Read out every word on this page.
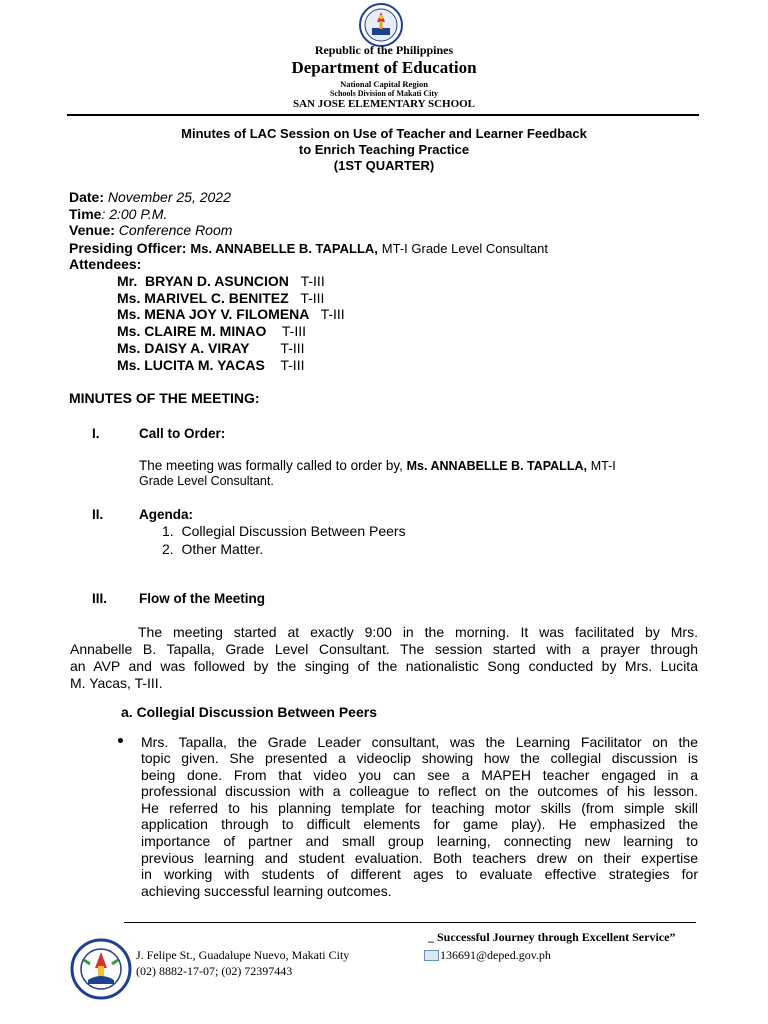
Republic of the Philippines
Department of Education
National Capital Region
Schools Division of Makati City
SAN JOSE ELEMENTARY SCHOOL
Minutes of LAC Session on Use of Teacher and Learner Feedback
to Enrich Teaching Practice
(1ST QUARTER)
Date: November 25, 2022
Time: 2:00 P.M.
Venue: Conference Room
Presiding Officer: Ms. ANNABELLE B. TAPALLA, MT-I Grade Level Consultant
Attendees:
Mr.  BRYAN D. ASUNCION   T-III
Ms. MARIVEL C. BENITEZ   T-III
Ms. MENA JOY V. FILOMENA   T-III
Ms. CLAIRE M. MINAO    T-III
Ms. DAISY A. VIRAY        T-III
Ms. LUCITA M. YACAS    T-III
MINUTES OF THE MEETING:
I.	Call to Order:
The meeting was formally called to order by, Ms. ANNABELLE B. TAPALLA, MT-I
Grade Level Consultant.
II.	Agenda:
1.  Collegial Discussion Between Peers
2.  Other Matter.
III. Flow of the Meeting
The meeting started at exactly 9:00 in the morning. It was facilitated by Mrs.
Annabelle B. Tapalla, Grade Level Consultant. The session started with a prayer through
an AVP and was followed by the singing of the nationalistic Song conducted by Mrs. Lucita
M. Yacas, T-III.
a. Collegial Discussion Between Peers
Mrs. Tapalla, the Grade Leader consultant, was the Learning Facilitator on the
topic given. She presented a videoclip showing how the collegial discussion is
being done. From that video you can see a MAPEH teacher engaged in a
professional discussion with a colleague to reflect on the outcomes of his lesson.
He referred to his planning template for teaching motor skills (from simple skill
application through to difficult elements for game play). He emphasized the
importance of partner and small group learning, connecting new learning to
previous learning and student evaluation. Both teachers drew on their expertise
in working with students of different ages to evaluate effective strategies for
achieving successful learning outcomes.
_ Successful Journey through Excellent Service”
J. Felipe St., Guadalupe Nuevo, Makati City
(02) 8882-17-07; (02) 72397443
136691@deped.gov.ph
